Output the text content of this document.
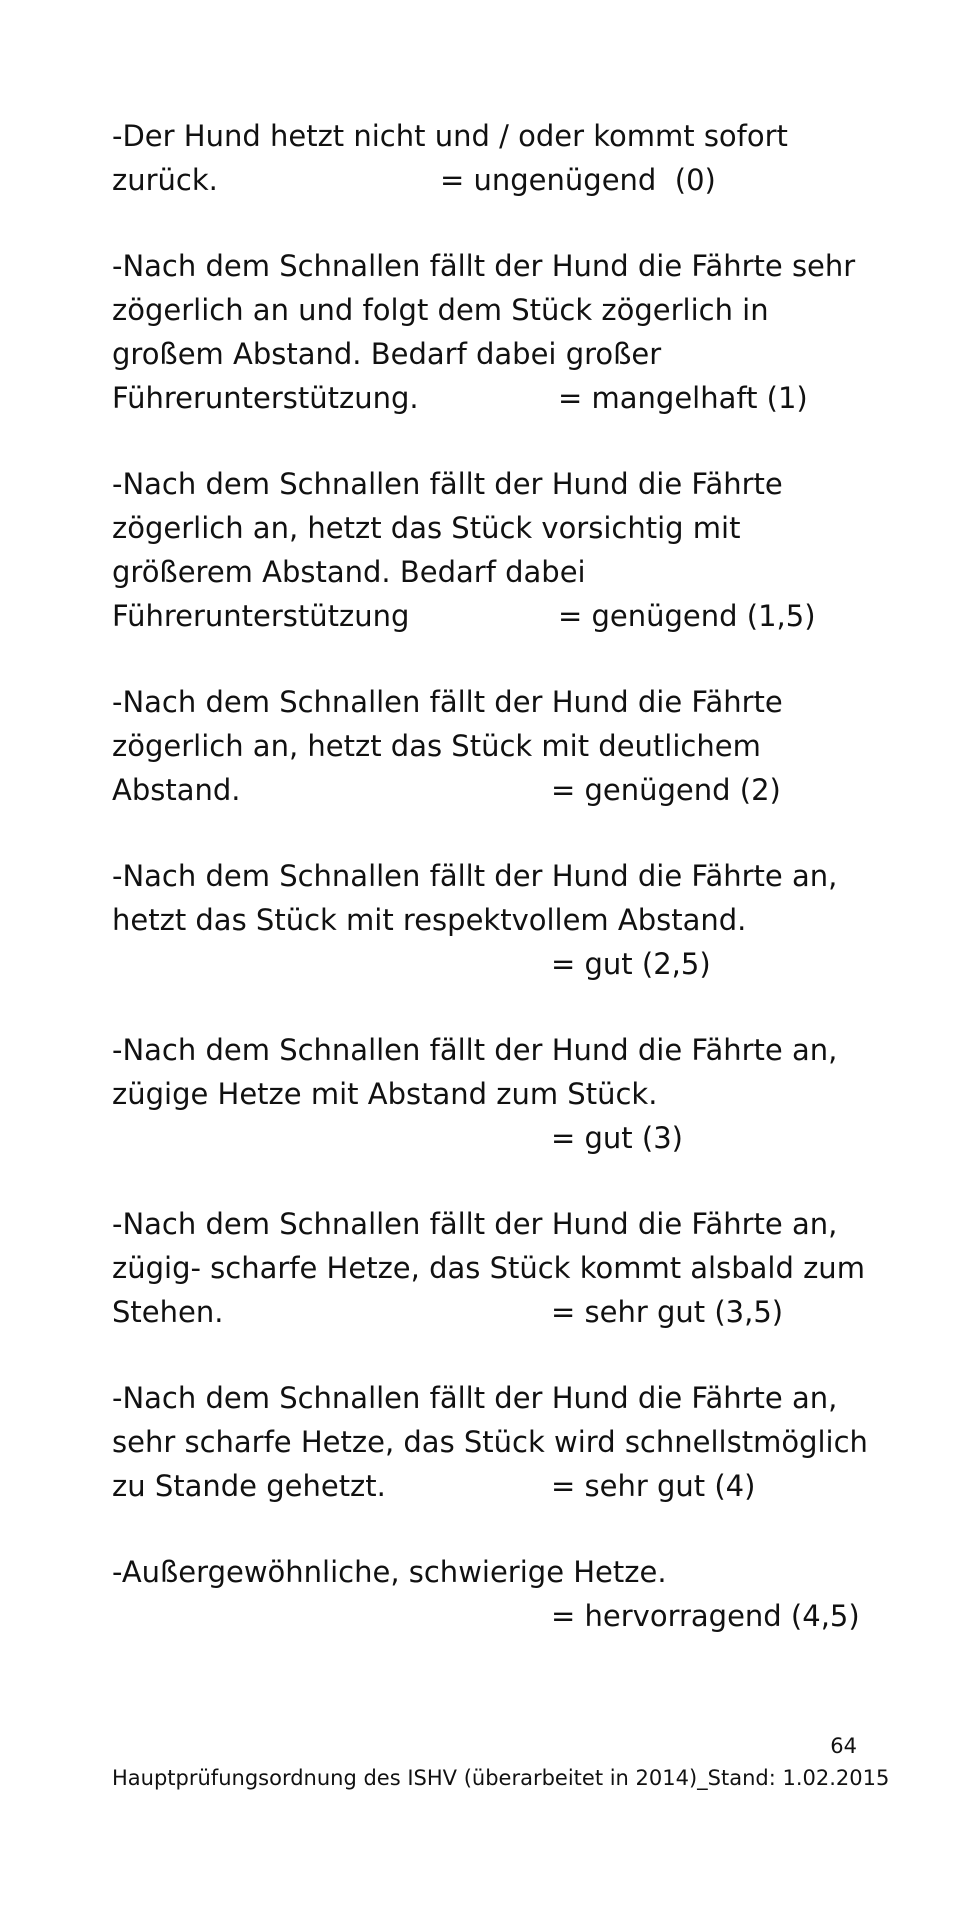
-Der Hund hetzt nicht und / oder kommt sofort
zurück.	= ungenügend  (0)
-Nach dem Schnallen fällt der Hund die Fährte sehr
zögerlich an und folgt dem Stück zögerlich in
großem Abstand. Bedarf dabei großer
Führerunterstützung.	= mangelhaft (1)
-Nach dem Schnallen fällt der Hund die Fährte
zögerlich an, hetzt das Stück vorsichtig mit
größerem Abstand. Bedarf dabei
Führerunterstützung	= genügend (1,5)
-Nach dem Schnallen fällt der Hund die Fährte
zögerlich an, hetzt das Stück mit deutlichem
Abstand.	= genügend (2)
-Nach dem Schnallen fällt der Hund die Fährte an,
hetzt das Stück mit respektvollem Abstand.
= gut (2,5)
-Nach dem Schnallen fällt der Hund die Fährte an,
zügige Hetze mit Abstand zum Stück.
= gut (3)
-Nach dem Schnallen fällt der Hund die Fährte an,
zügig- scharfe Hetze, das Stück kommt alsbald zum
Stehen.	= sehr gut (3,5)
-Nach dem Schnallen fällt der Hund die Fährte an,
sehr scharfe Hetze, das Stück wird schnellstmöglich
zu Stande gehetzt.	= sehr gut (4)
-Außergewöhnliche, schwierige Hetze.
= hervorragend (4,5)
64
Hauptprüfungsordnung des ISHV (überarbeitet in 2014)_Stand: 1.02.2015
